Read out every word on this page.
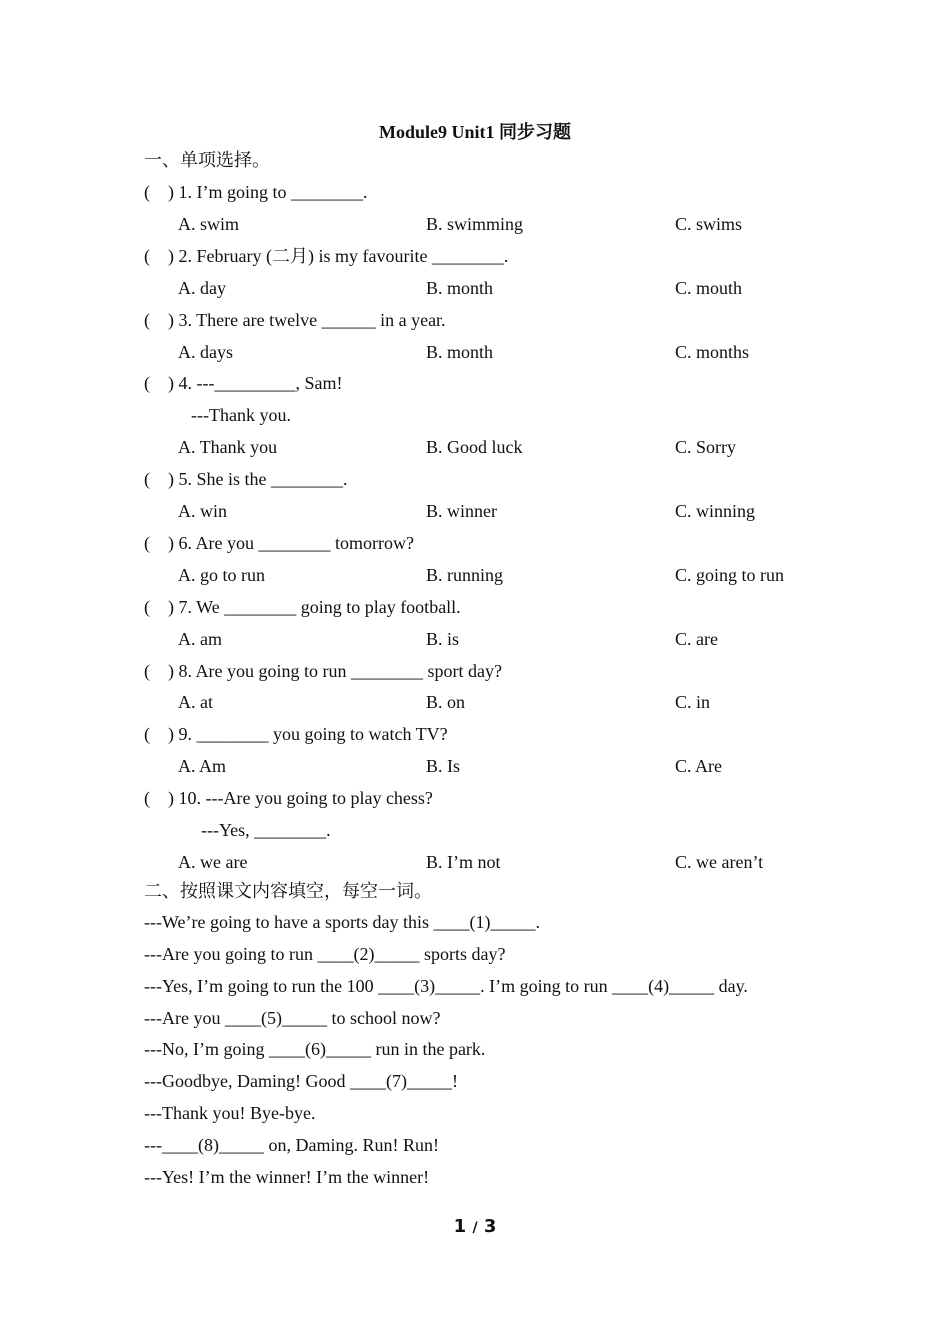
Module9 Unit1 同步习题
一、单项选择。
(    ) 1. I’m going to ________.
A. swim	B. swimming	C. swims
(    ) 2. February (二月) is my favourite ________.
A. day	B. month	C. mouth
(    ) 3. There are twelve ______ in a year.
A. days	B. month	C. months
(    ) 4. ---_________, Sam!
---Thank you.
A. Thank you	B. Good luck	C. Sorry
(    ) 5. She is the ________.
A. win	B. winner	C. winning
(    ) 6. Are you ________ tomorrow?
A. go to run	B. running	C. going to run
(    ) 7. We ________ going to play football.
A. am	B. is	C. are
(    ) 8. Are you going to run ________ sport day?
A. at	B. on	C. in
(    ) 9. ________ you going to watch TV?
A. Am	B. Is	C. Are
(    ) 10. ---Are you going to play chess?
---Yes, ________.
A. we are	B. I’m not	C. we aren’t
二、按照课文内容填空，每空一词。
---We’re going to have a sports day this ____(1)_____.
---Are you going to run ____(2)_____ sports day?
---Yes, I’m going to run the 100 ____(3)_____. I’m going to run ____(4)_____ day.
---Are you ____(5)_____ to school now?
---No, I’m going ____(6)_____ run in the park.
---Goodbye, Daming! Good ____(7)_____!
---Thank you! Bye-bye.
---____(8)_____ on, Daming. Run! Run!
---Yes! I’m the winner! I’m the winner!
1 / 3
